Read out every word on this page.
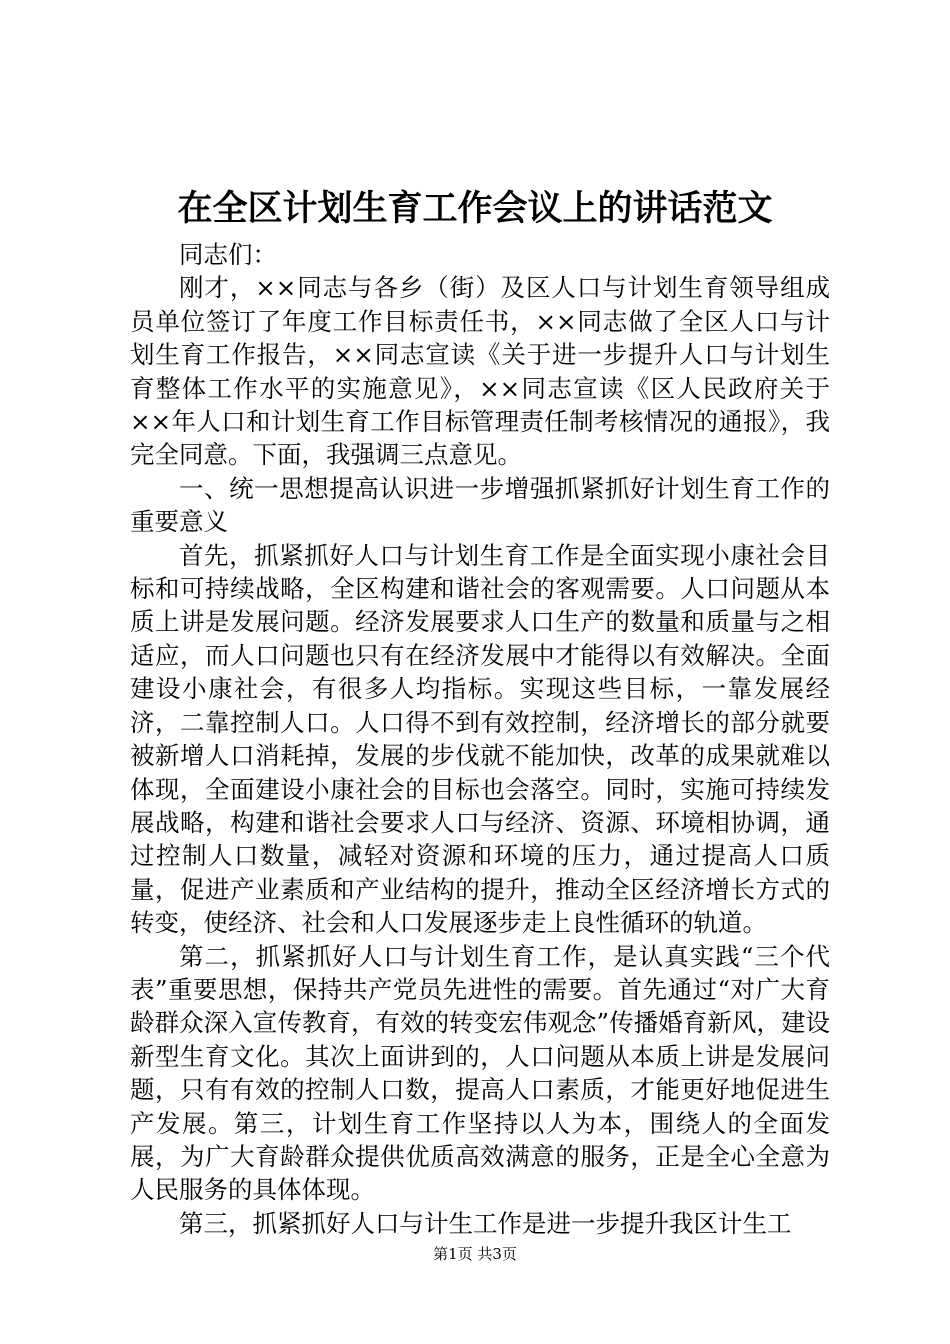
在全区计划生育工作会议上的讲话范文

同志们：

刚才，××同志与各乡（街）及区人口与计划生育领导组成员单位签订了年度工作目标责任书，××同志做了全区人口与计划生育工作报告，××同志宣读《关于进一步提升人口与计划生育整体工作水平的实施意见》，××同志宣读《区人民政府关于××年人口和计划生育工作目标管理责任制考核情况的通报》，我完全同意。下面，我强调三点意见。

一、统一思想提高认识进一步增强抓紧抓好计划生育工作的重要意义

首先，抓紧抓好人口与计划生育工作是全面实现小康社会目标和可持续战略，全区构建和谐社会的客观需要。人口问题从本质上讲是发展问题。经济发展要求人口生产的数量和质量与之相适应，而人口问题也只有在经济发展中才能得以有效解决。全面建设小康社会，有很多人均指标。实现这些目标，一靠发展经济，二靠控制人口。人口得不到有效控制，经济增长的部分就要被新增人口消耗掉，发展的步伐就不能加快，改革的成果就难以体现，全面建设小康社会的目标也会落空。同时，实施可持续发展战略，构建和谐社会要求人口与经济、资源、环境相协调，通过控制人口数量，减轻对资源和环境的压力，通过提高人口质量，促进产业素质和产业结构的提升，推动全区经济增长方式的转变，使经济、社会和人口发展逐步走上良性循环的轨道。

第二，抓紧抓好人口与计划生育工作，是认真实践“三个代表”重要思想，保持共产党员先进性的需要。首先通过“对广大育龄群众深入宣传教育，有效的转变宏伟观念”传播婚育新风，建设新型生育文化。其次上面讲到的，人口问题从本质上讲是发展问题，只有有效的控制人口数，提高人口素质，才能更好地促进生产发展。第三，计划生育工作坚持以人为本，围绕人的全面发展，为广大育龄群众提供优质高效满意的服务，正是全心全意为人民服务的具体体现。

第三，抓紧抓好人口与计生工作是进一步提升我区计生工

第1页 共3页
